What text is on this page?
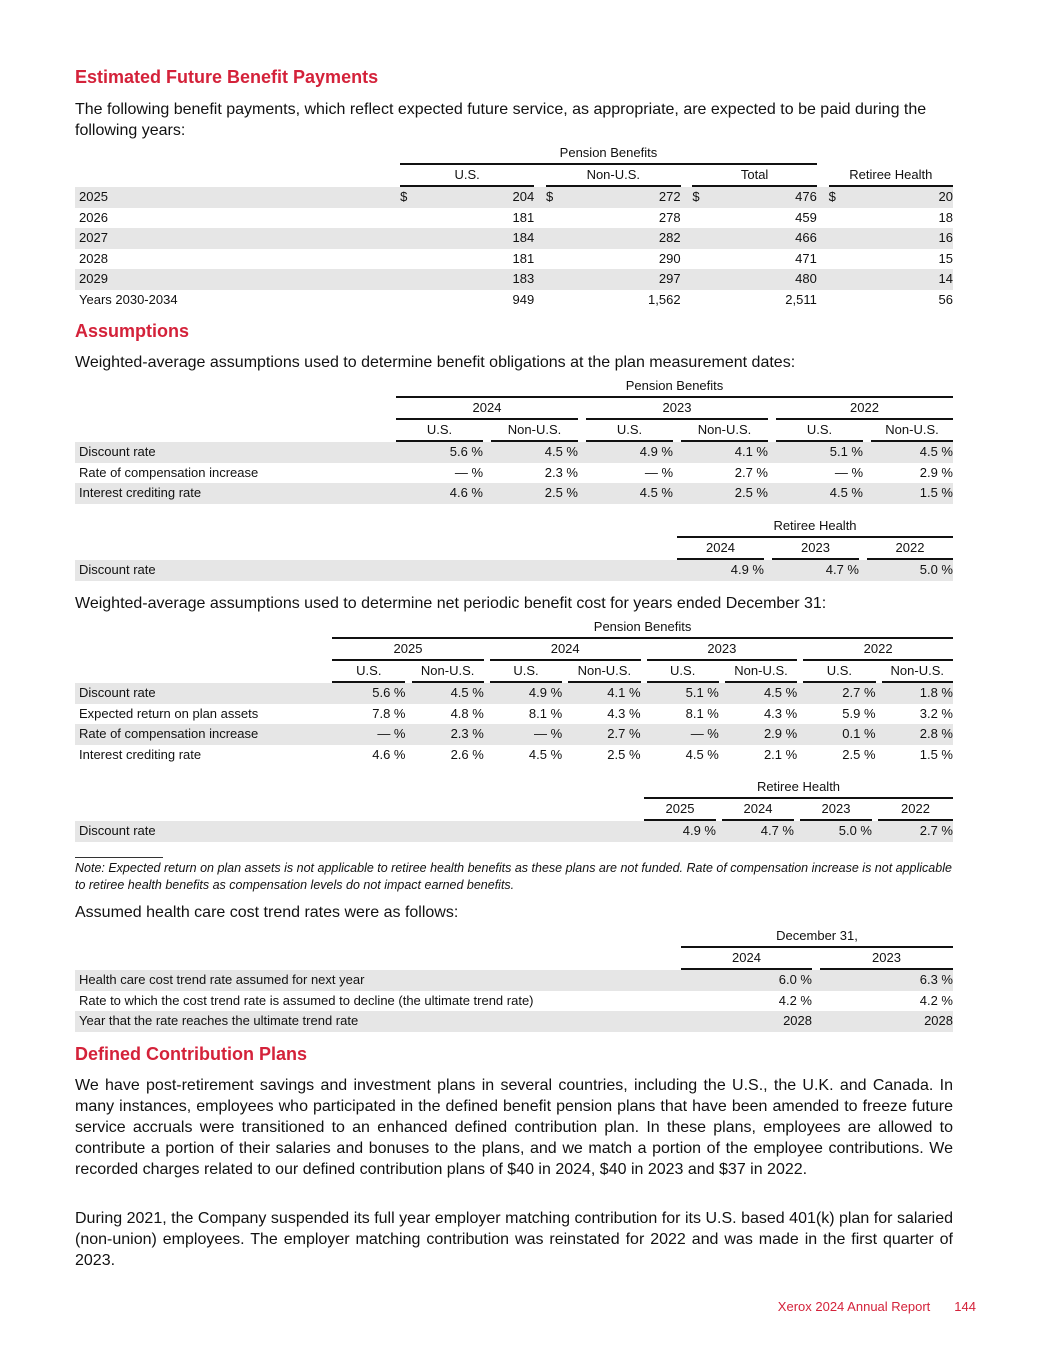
Estimated Future Benefit Payments

The following benefit payments, which reflect expected future service, as appropriate, are expected to be paid during the following years:

	Pension Benefits										
	U.S.			Non-U.S.			Total			Retiree Health	
2025	$	204		$	272		$	476		$	20
2026		181			278			459			18
2027		184			282			466			16
2028		181			290			471			15
2029		183			297			480			14
Years 2030-2034		949			1,562			2,511			56
Assumptions

Weighted-average assumptions used to determine benefit obligations at the plan measurement dates:

	Pension Benefits										
	2024				2023				2022		
	U.S.		Non-U.S.		U.S.		Non-U.S.		U.S.		Non-U.S.
Discount rate	5.6 %		4.5 %		4.9 %		4.1 %		5.1 %		4.5 %
Rate of compensation increase	— %		2.3 %		— %		2.7 %		— %		2.9 %
Interest crediting rate	4.6 %		2.5 %		4.5 %		2.5 %		4.5 %		1.5 %
	Retiree Health				
	2024		2023		2022
Discount rate	4.9 %		4.7 %		5.0 %

Weighted-average assumptions used to determine net periodic benefit cost for years ended December 31:

	Pension Benefits														
	2025				2024				2023				2022		
	U.S.		Non-U.S.		U.S.		Non-U.S.		U.S.		Non-U.S.		U.S.		Non-U.S.
Discount rate	5.6 %		4.5 %		4.9 %		4.1 %		5.1 %		4.5 %		2.7 %		1.8 %
Expected return on plan assets	7.8 %		4.8 %		8.1 %		4.3 %		8.1 %		4.3 %		5.9 %		3.2 %
Rate of compensation increase	— %		2.3 %		— %		2.7 %		— %		2.9 %		0.1 %		2.8 %
Interest crediting rate	4.6 %		2.6 %		4.5 %		2.5 %		4.5 %		2.1 %		2.5 %		1.5 %
	Retiree Health						
	2025		2024		2023		2022
Discount rate	4.9 %		4.7 %		5.0 %		2.7 %
Note: Expected return on plan assets is not applicable to retiree health benefits as these plans are not funded. Rate of compensation increase is not applicable to retiree health benefits as compensation levels do not impact earned benefits.

Assumed health care cost trend rates were as follows:

	December 31,		
	2024		2023
Health care cost trend rate assumed for next year	6.0 %		6.3 %
Rate to which the cost trend rate is assumed to decline (the ultimate trend rate)	4.2 %		4.2 %
Year that the rate reaches the ultimate trend rate	2028		2028
Defined Contribution Plans

We have post-retirement savings and investment plans in several countries, including the U.S., the U.K. and Canada. In many instances, employees who participated in the defined benefit pension plans that have been amended to freeze future service accruals were transitioned to an enhanced defined contribution plan. In these plans, employees are allowed to contribute a portion of their salaries and bonuses to the plans, and we match a portion of the employee contributions. We recorded charges related to our defined contribution plans of $40 in 2024, $40 in 2023 and $37 in 2022.

During 2021, the Company suspended its full year employer matching contribution for its U.S. based 401(k) plan for salaried (non-union) employees. The employer matching contribution was reinstated for 2022 and was made in the first quarter of 2023.

Xerox 2024 Annual Report 144
